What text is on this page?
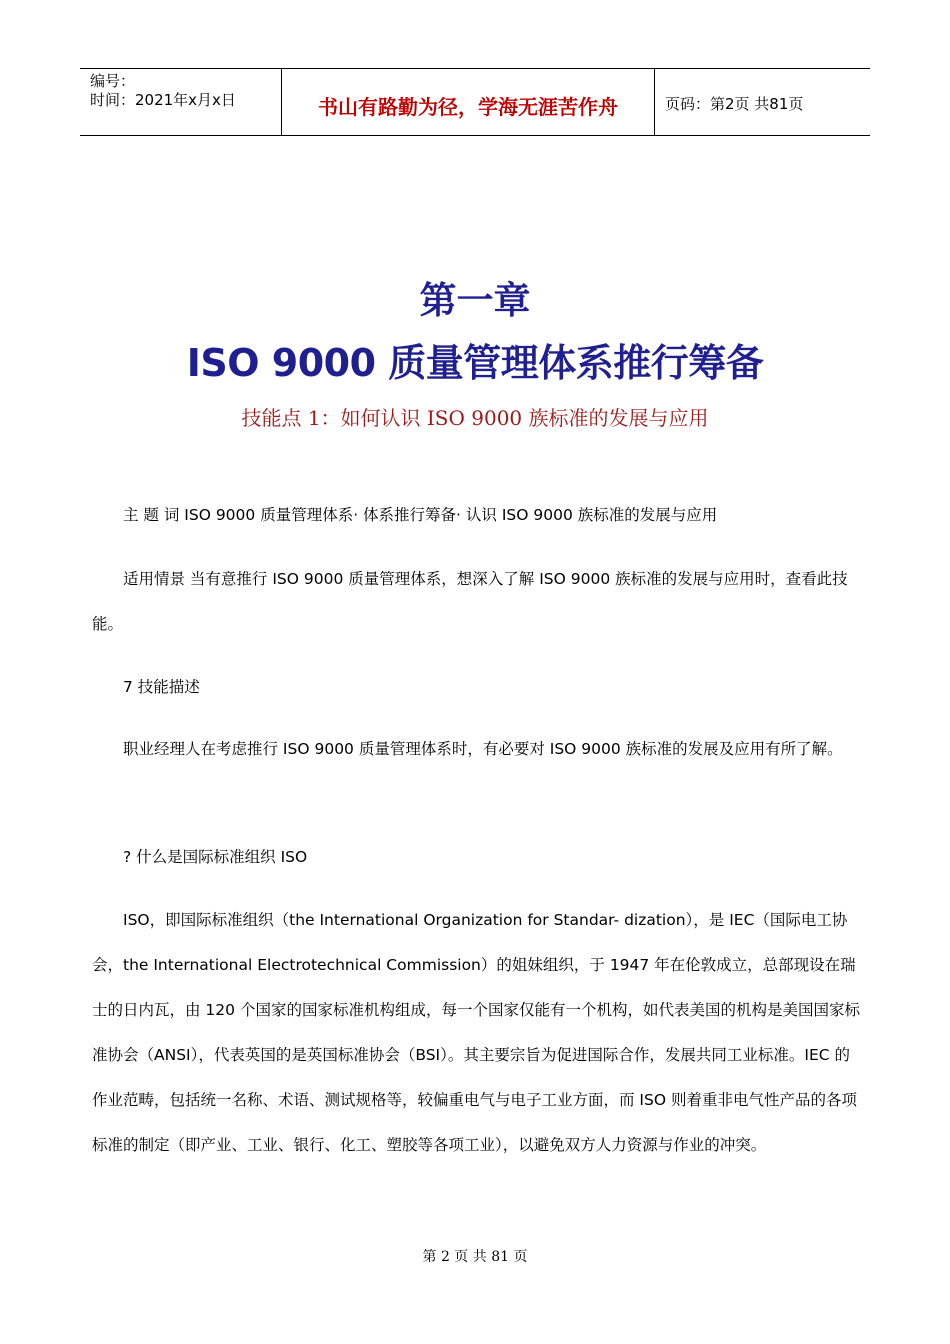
编号：
时间：2021年x月x日	书山有路勤为径，学海无涯苦作舟	页码：第2页 共81页
第一章
ISO 9000 质量管理体系推行筹备
技能点 1：如何认识 ISO 9000 族标准的发展与应用
主 题 词 ISO 9000 质量管理体系· 体系推行筹备· 认识 ISO 9000 族标准的发展与应用
适用情景 当有意推行 ISO 9000 质量管理体系，想深入了解 ISO 9000 族标准的发展与应用时，查看此技能。
7 技能描述
职业经理人在考虑推行 ISO 9000 质量管理体系时，有必要对 ISO 9000 族标准的发展及应用有所了解。
? 什么是国际标准组织 ISO
ISO，即国际标准组织（the International Organization for Standar- dization），是 IEC（国际电工协会，the International Electrotechnical Commission）的姐妹组织，于 1947 年在伦敦成立，总部现设在瑞士的日内瓦，由 120 个国家的国家标准机构组成，每一个国家仅能有一个机构，如代表美国的机构是美国国家标准协会（ANSI），代表英国的是英国标准协会（BSI）。其主要宗旨为促进国际合作，发展共同工业标准。IEC 的作业范畴，包括统一名称、术语、测试规格等，较偏重电气与电子工业方面，而 ISO 则着重非电气性产品的各项标准的制定（即产业、工业、银行、化工、塑胶等各项工业），以避免双方人力资源与作业的冲突。
第 2 页 共 81 页
